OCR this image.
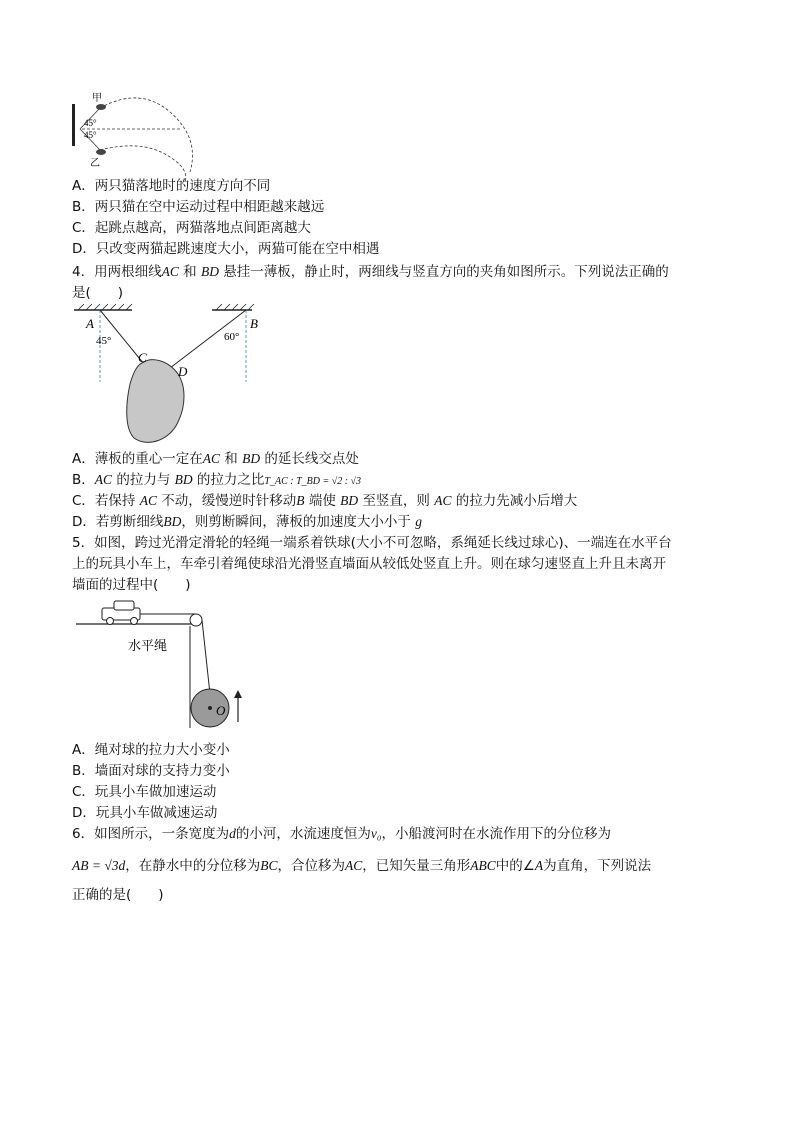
甲
乙
45°
45°
A．两只猫落地时的速度方向不同
B．两只猫在空中运动过程中相距越来越远
C．起跳点越高，两猫落地点间距离越大
D．只改变两猫起跳速度大小，两猫可能在空中相遇
4．用两根细线AC 和 BD 悬挂一薄板，静止时，两细线与竖直方向的夹角如图所示。下列说法正确的
是(　　)
A	B
C
D
45°	60°
A．薄板的重心一定在AC 和 BD 的延长线交点处
B．AC 的拉力与 BD 的拉力之比T_AC : T_BD = √2 : √3
C．若保持 AC 不动，缓慢逆时针移动B 端使 BD 至竖直，则 AC 的拉力先减小后增大
D．若剪断细线BD，则剪断瞬间，薄板的加速度大小小于 g
5．如图，跨过光滑定滑轮的轻绳一端系着铁球(大小不可忽略，系绳延长线过球心)、一端连在水平台
上的玩具小车上，车牵引着绳使球沿光滑竖直墙面从较低处竖直上升。则在球匀速竖直上升且未离开
墙面的过程中(　　)
O
水平绳
A．绳对球的拉力大小变小
B．墙面对球的支持力变小
C．玩具小车做加速运动
D．玩具小车做减速运动
6．如图所示，一条宽度为d的小河，水流速度恒为v₀，小船渡河时在水流作用下的分位移为
AB = √3d，在静水中的分位移为BC，合位移为AC，已知矢量三角形ABC中的∠A为直角，下列说法
正确的是(　　)
